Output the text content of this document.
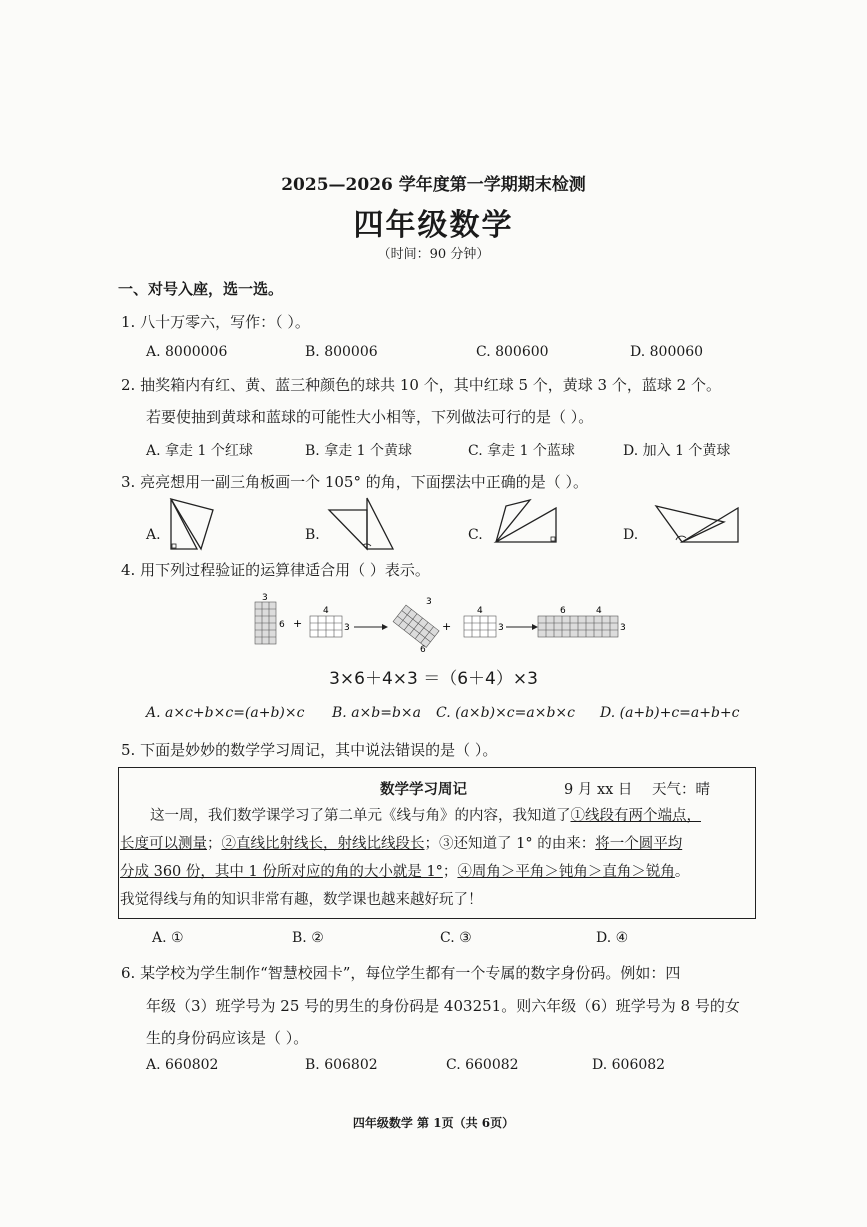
2025—2026 学年度第一学期期末检测
四年级数学
（时间：90 分钟）
一、对号入座，选一选。
1. 八十万零六，写作：（ ）。
A. 8000006	B. 800006	C. 800600	D. 800060
2. 抽奖箱内有红、黄、蓝三种颜色的球共 10 个，其中红球 5 个，黄球 3 个，蓝球 2 个。
若要使抽到黄球和蓝球的可能性大小相等，下列做法可行的是（ ）。
A. 拿走 1 个红球	B. 拿走 1 个黄球	C. 拿走 1 个蓝球	D. 加入 1 个黄球
3. 亮亮想用一副三角板画一个 105° 的角，下面摆法中正确的是（ ）。
A.	B.	C.	D.
4. 用下列过程验证的运算律适合用（ ）表示。
3
6 +
4
3
3
6
+
4
3
6	4
3
3×6＋4×3 ＝（6＋4）×3
A. a×c+b×c=(a+b)×c B. a×b=b×a C. (a×b)×c=a×b×c D. (a+b)+c=a+b+c
5. 下面是妙妙的数学学习周记，其中说法错误的是（ ）。
数学学习周记	9 月 xx 日 天气：晴
这一周，我们数学课学习了第二单元《线与角》的内容，我知道了①线段有两个端点，
长度可以测量；②直线比射线长，射线比线段长；③还知道了 1° 的由来：将一个圆平均
分成 360 份，其中 1 份所对应的角的大小就是 1°；④周角＞平角＞钝角＞直角＞锐角。
我觉得线与角的知识非常有趣，数学课也越来越好玩了！
A. ①	B. ②	C. ③	D. ④
6. 某学校为学生制作“智慧校园卡”，每位学生都有一个专属的数字身份码。例如：四
年级（3）班学号为 25 号的男生的身份码是 403251。则六年级（6）班学号为 8 号的女
生的身份码应该是（ ）。
A. 660802	B. 606802	C. 660082	D. 606082
四年级数学 第 1页（共 6页）
